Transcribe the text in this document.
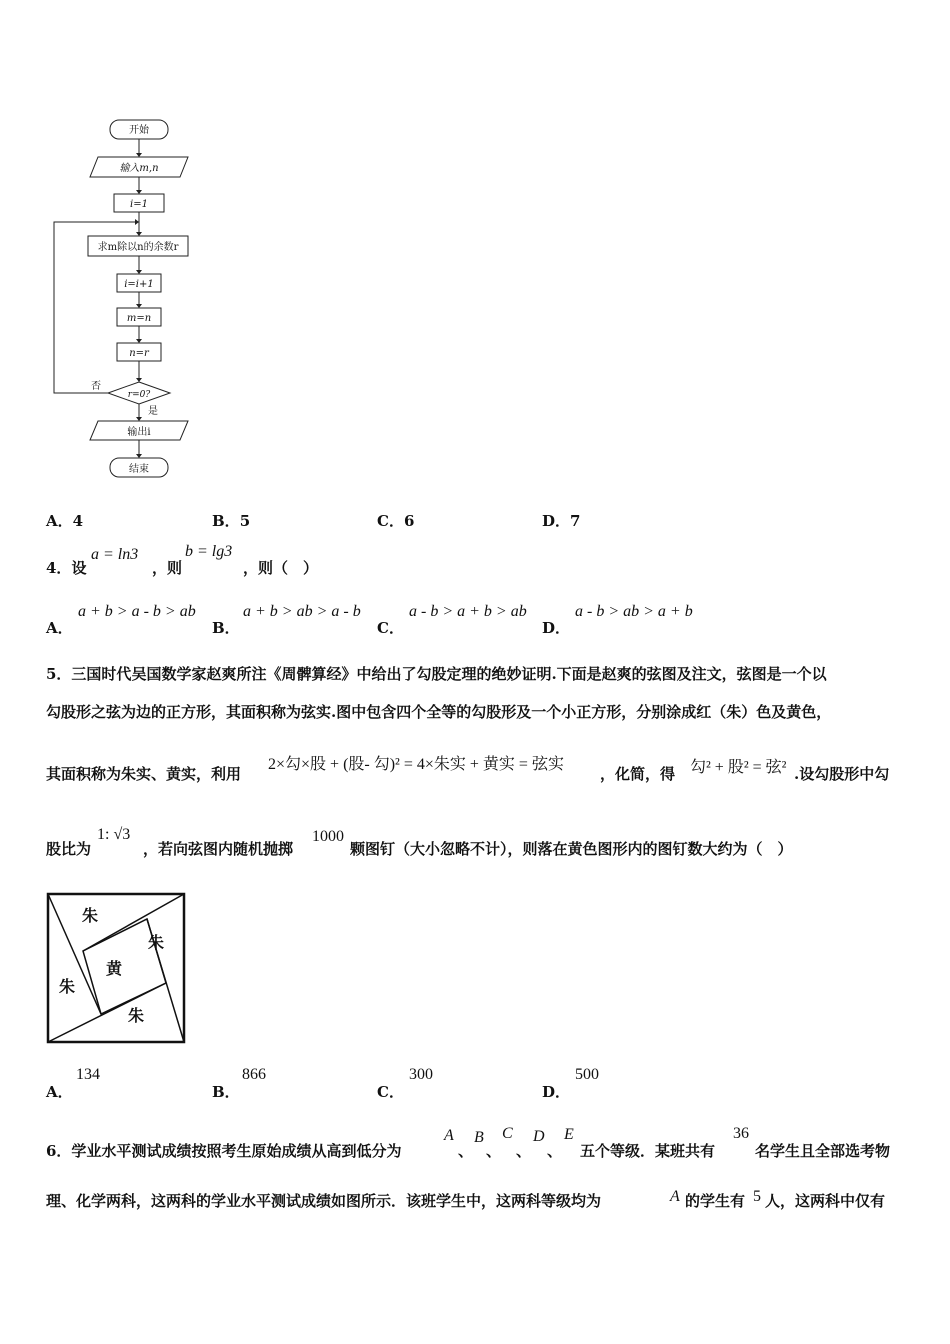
开始
输入m,n
i=1
求m除以n的余数r
i=i+1
m=n
n=r
r=0?
否
是
输出i
结束
A．4	B．5	C．6	D．7
4．设
a = ln3
，则
b = lg3
，则（　）
A．
a + b > a - b > ab
B．
a + b > ab > a - b
C．
a - b > a + b > ab
D．
a - b > ab > a + b
5．三国时代吴国数学家赵爽所注《周髀算经》中给出了勾股定理的绝妙证明.下面是赵爽的弦图及注文，弦图是一个以
勾股形之弦为边的正方形，其面积称为弦实.图中包含四个全等的勾股形及一个小正方形，分别涂成红（朱）色及黄色，
其面积称为朱实、黄实，利用
2×勾×股 + (股- 勾)² = 4×朱实 + 黄实 = 弦实
，化简，得 勾² + 股² = 弦² .设勾股形中勾
股比为
1: √3
，若向弦图内随机抛掷
1000
颗图钉（大小忽略不计），则落在黄色图形内的图钉数大约为（　）
朱
朱
黄
朱
朱
A．
134
B．
866
C．
300
D．
500
6．学业水平测试成绩按照考生原始成绩从高到低分为
A
、
B
、
C
、
D
、
E
五个等级．某班共有
36
名学生且全部选考物
理、化学两科，这两科的学业水平测试成绩如图所示．该班学生中，这两科等级均为	A 的学生有 5 人，这两科中仅有
